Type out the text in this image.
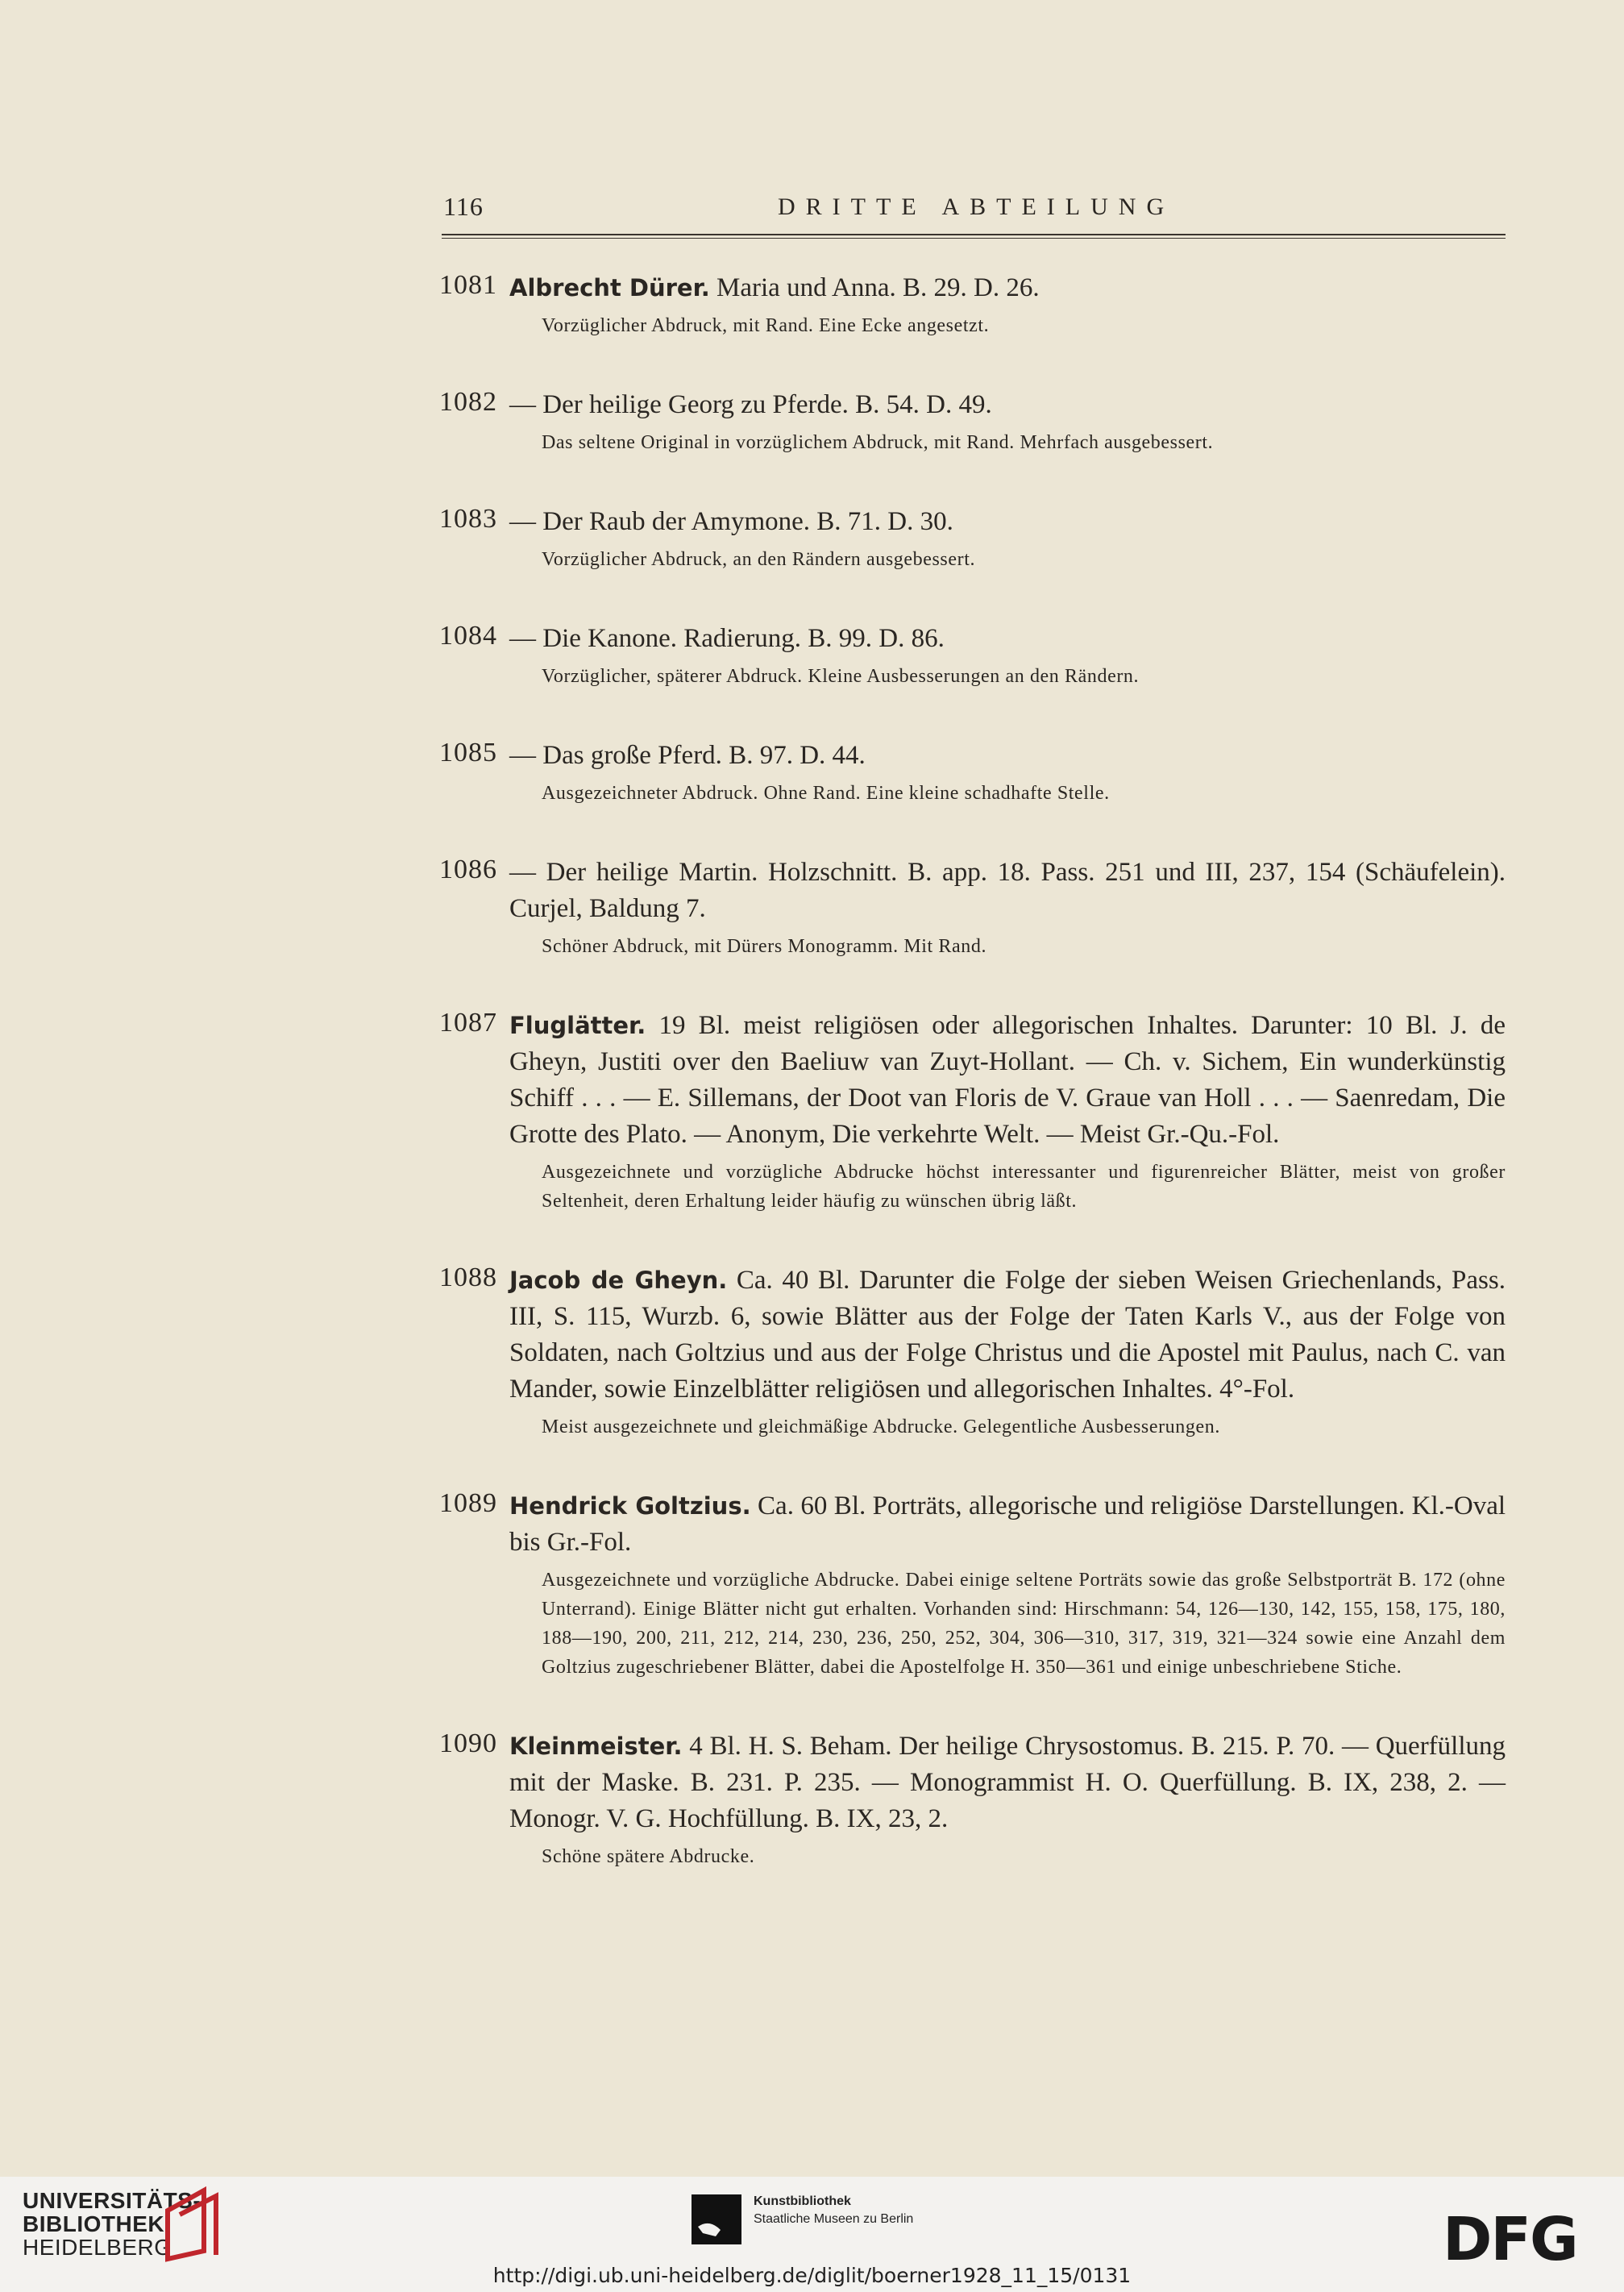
116	DRITTE ABTEILUNG
1081 Albrecht Dürer. Maria und Anna. B. 29. D. 26.

Vorzüglicher Abdruck, mit Rand. Eine Ecke angesetzt.

1082 — Der heilige Georg zu Pferde. B. 54. D. 49.

Das seltene Original in vorzüglichem Abdruck, mit Rand. Mehrfach ausgebessert.

1083 — Der Raub der Amymone. B. 71. D. 30.

Vorzüglicher Abdruck, an den Rändern ausgebessert.

1084 — Die Kanone. Radierung. B. 99. D. 86.

Vorzüglicher, späterer Abdruck. Kleine Ausbesserungen an den Rändern.

1085 — Das große Pferd. B. 97. D. 44.

Ausgezeichneter Abdruck. Ohne Rand. Eine kleine schadhafte Stelle.

1086 — Der heilige Martin. Holzschnitt. B. app. 18. Pass. 251 und III, 237, 154 (Schäufelein). Curjel, Baldung 7.

Schöner Abdruck, mit Dürers Monogramm. Mit Rand.

1087 Fluglätter. 19 Bl. meist religiösen oder allegorischen Inhaltes. Darunter: 10 Bl. J. de Gheyn, Justiti over den Baeliuw van Zuyt-Hollant. — Ch. v. Sichem, Ein wunderkünstig Schiff . . . — E. Sillemans, der Doot van Floris de V. Graue van Holl . . . — Saenredam, Die Grotte des Plato. — Anonym, Die verkehrte Welt. — Meist Gr.-Qu.-Fol.

Ausgezeichnete und vorzügliche Abdrucke höchst interessanter und figurenreicher Blätter, meist von großer Seltenheit, deren Erhaltung leider häufig zu wünschen übrig läßt.

1088 Jacob de Gheyn. Ca. 40 Bl. Darunter die Folge der sieben Weisen Griechenlands, Pass. III, S. 115, Wurzb. 6, sowie Blätter aus der Folge der Taten Karls V., aus der Folge von Soldaten, nach Goltzius und aus der Folge Christus und die Apostel mit Paulus, nach C. van Mander, sowie Einzelblätter religiösen und allegorischen Inhaltes. 4°-Fol.

Meist ausgezeichnete und gleichmäßige Abdrucke. Gelegentliche Ausbesserungen.

1089 Hendrick Goltzius. Ca. 60 Bl. Porträts, allegorische und religiöse Darstellungen. Kl.-Oval bis Gr.-Fol.

Ausgezeichnete und vorzügliche Abdrucke. Dabei einige seltene Porträts sowie das große Selbstporträt B. 172 (ohne Unterrand). Einige Blätter nicht gut erhalten. Vorhanden sind: Hirschmann: 54, 126—130, 142, 155, 158, 175, 180, 188—190, 200, 211, 212, 214, 230, 236, 250, 252, 304, 306—310, 317, 319, 321—324 sowie eine Anzahl dem Goltzius zugeschriebener Blätter, dabei die Apostelfolge H. 350—361 und einige unbeschriebene Stiche.

1090 Kleinmeister. 4 Bl. H. S. Beham. Der heilige Chrysostomus. B. 215. P. 70. — Querfüllung mit der Maske. B. 231. P. 235. — Monogrammist H. O. Querfüllung. B. IX, 238, 2. — Monogr. V. G. Hochfüllung. B. IX, 23, 2.

Schöne spätere Abdrucke.

UNIVERSITÄTS-
BIBLIOTHEK
HEIDELBERG
Kunstbibliothek
Staatliche Museen zu Berlin	DFG
http://digi.ub.uni-heidelberg.de/diglit/boerner1928_11_15/0131
